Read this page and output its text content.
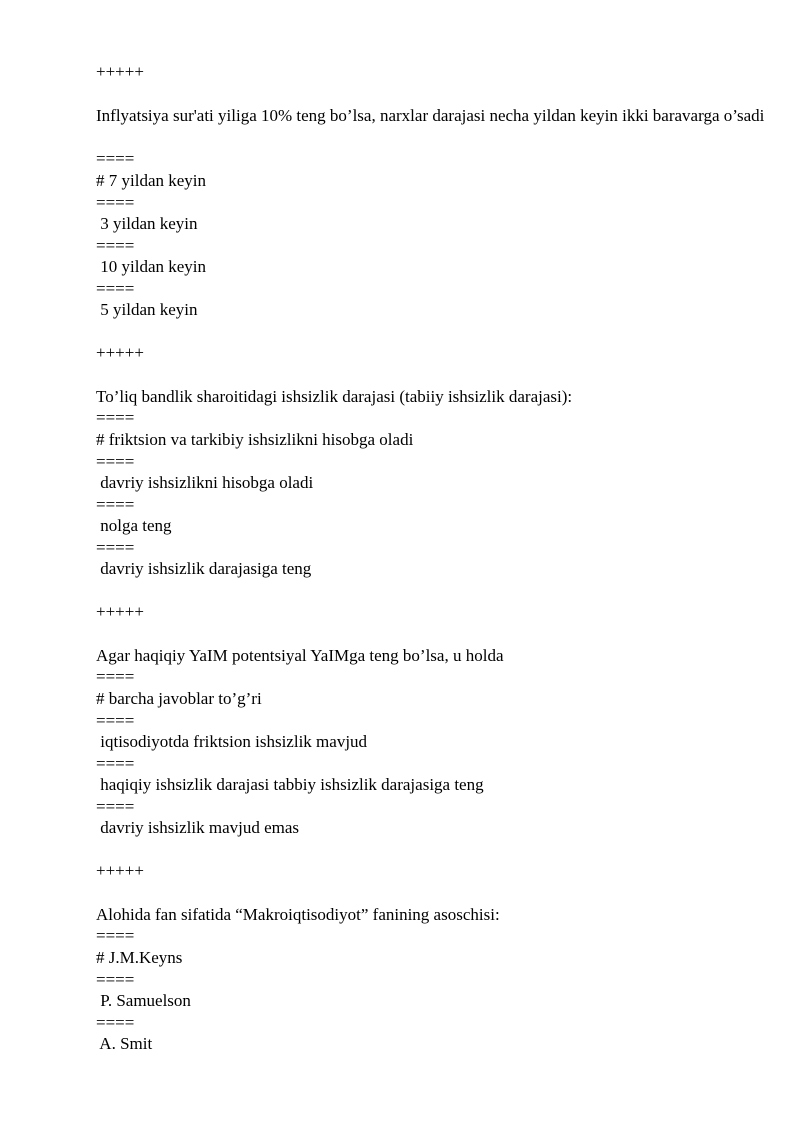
+++++
Inflyatsiya sur'ati yiliga 10% teng bo’lsa, narxlar darajasi necha yildan keyin ikki baravarga o’sadi
====
# 7 yildan keyin
====
3 yildan keyin
====
10 yildan keyin
====
5 yildan keyin
+++++
To’liq bandlik sharoitidagi ishsizlik darajasi (tabiiy ishsizlik darajasi):
====
# friktsion va tarkibiy ishsizlikni hisobga oladi
====
davriy ishsizlikni hisobga oladi
====
nolga teng
====
davriy ishsizlik darajasiga teng
+++++
Agar haqiqiy YaIM potentsiyal YaIMga teng bo’lsa, u holda
====
# barcha javoblar to’g’ri
====
iqtisodiyotda friktsion ishsizlik mavjud
====
haqiqiy ishsizlik darajasi tabbiy ishsizlik darajasiga teng
====
davriy ishsizlik mavjud emas
+++++
Alohida fan sifatida “Makroiqtisodiyot” fanining asoschisi:
====
# J.M.Keyns
====
P. Samuelson
====
A. Smit
